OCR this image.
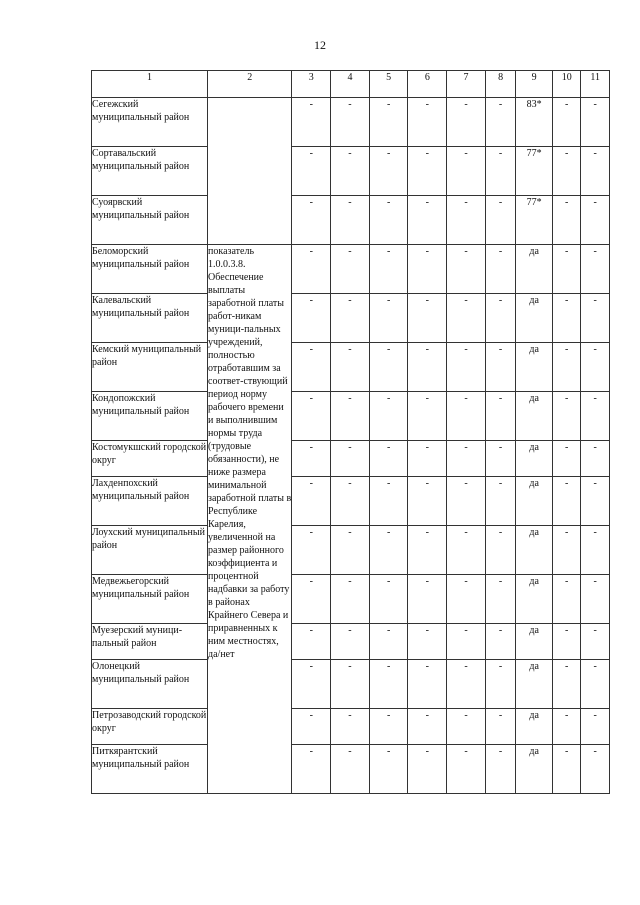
12
1	2	3	4	5	6	7	8	9	10	11
Сегежский муниципальный район		-	-	-	-	-	-	83*	-	-
Сортавальский муниципальный район		-	-	-	-	-	-	77*	-	-
Суоярвский муниципальный район		-	-	-	-	-	-	77*	-	-
Беломорский муниципальный район	показатель 1.0.0.3.8. Обеспечение выплаты заработной платы работ-никам муници-пальных учреждений, полностью отработавшим за соответ-ствующий период норму рабочего времени и выполнившим нормы труда (трудовые обязанности), не ниже размера минимальной заработной платы в Республике Карелия, увеличенной на размер районного коэффициента и процентной надбавки за работу в районах Крайнего Севера и приравненных к ним местностях, да/нет	-	-	-	-	-	-	да	-	-
Калевальский муниципальный район		-	-	-	-	-	-	да	-	-
Кемский муниципальный район		-	-	-	-	-	-	да	-	-
Кондопожский муниципальный район		-	-	-	-	-	-	да	-	-
Костомукшский городской округ		-	-	-	-	-	-	да	-	-
Лахденпохский муниципальный район		-	-	-	-	-	-	да	-	-
Лоухский муниципальный район		-	-	-	-	-	-	да	-	-
Медвежьегорский муниципальный район		-	-	-	-	-	-	да	-	-
Муезерский муници-пальный район		-	-	-	-	-	-	да	-	-
Олонецкий муниципальный район		-	-	-	-	-	-	да	-	-
Петрозаводский городской округ		-	-	-	-	-	-	да	-	-
Питкярантский муниципальный район		-	-	-	-	-	-	да	-	-
